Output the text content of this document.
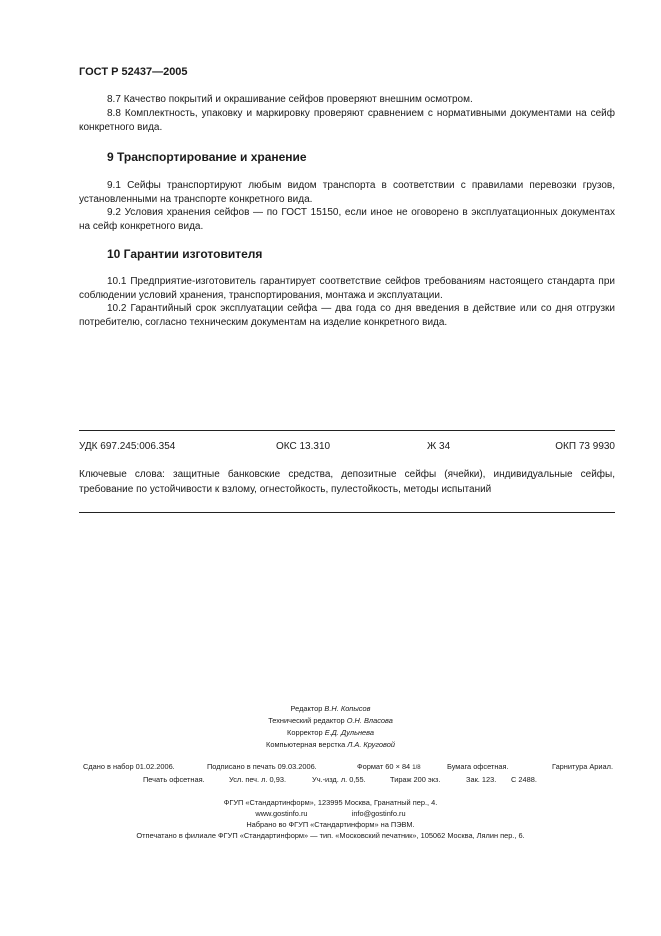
ГОСТ Р 52437—2005
8.7 Качество покрытий и окрашивание сейфов проверяют внешним осмотром.
8.8 Комплектность, упаковку и маркировку проверяют сравнением с нормативными документами на сейф конкретного вида.
9 Транспортирование и хранение
9.1 Сейфы транспортируют любым видом транспорта в соответствии с правилами перевозки грузов, установленными на транспорте конкретного вида.
9.2 Условия хранения сейфов — по ГОСТ 15150, если иное не оговорено в эксплуатационных документах на сейф конкретного вида.
10 Гарантии изготовителя
10.1 Предприятие-изготовитель гарантирует соответствие сейфов требованиям настоящего стандарта при соблюдении условий хранения, транспортирования, монтажа и эксплуатации.
10.2 Гарантийный срок эксплуатации сейфа — два года со дня введения в действие или со дня отгрузки потребителю, согласно техническим документам на изделие конкретного вида.
УДК 697.245:006.354	ОКС 13.310	Ж 34	ОКП 73 9930
Ключевые слова: защитные банковские средства, депозитные сейфы (ячейки), индивидуальные сейфы, требование по устойчивости к взлому, огнестойкость, пулестойкость, методы испытаний
Редактор В.Н. Копысов
Технический редактор О.Н. Власова
Корректор Е.Д. Дульнева
Компьютерная верстка Л.А. Круговой
Сдано в набор 01.02.2006.	Подписано в печать 09.03.2006.	Формат 60 × 84 1/8	Бумага офсетная.	Гарнитура Ариал.
Печать офсетная.	Усл. печ. л. 0,93.	Уч.-изд. л. 0,55.	Тираж 200 экз.	Зак. 123. С 2488.
ФГУП «Стандартинформ», 123995 Москва, Гранатный пер., 4.
www.gostinfo.ru	info@gostinfo.ru
Набрано во ФГУП «Стандартинформ» на ПЭВМ.
Отпечатано в филиале ФГУП «Стандартинформ» — тип. «Московский печатник», 105062 Москва, Лялин пер., 6.
